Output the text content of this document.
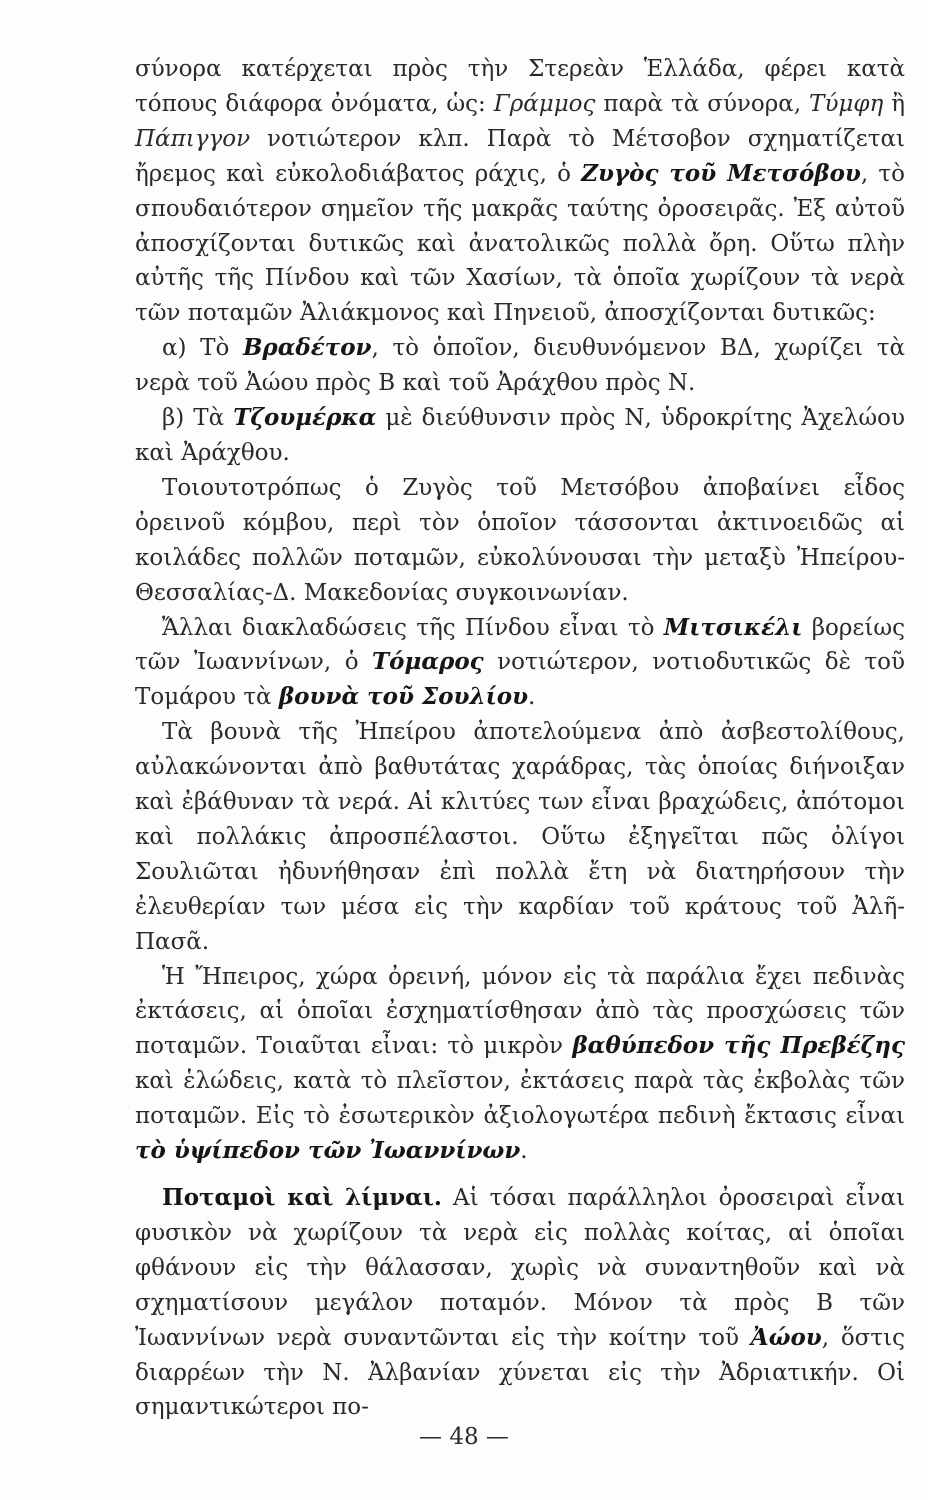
σύνορα κατέρχεται πρὸς τὴν Στερεὰν Ἑλλάδα, φέρει κατὰ τόπους διάφορα ὀνόματα, ὡς: Γράμμος παρὰ τὰ σύνορα, Τύμφη ἢ Πάπιγγον νοτιώτερον κλπ. Παρὰ τὸ Μέτσοβον σχηματίζεται ἤρεμος καὶ εὐκολοδιάβατος ράχις, ὁ Ζυγὸς τοῦ Μετσόβου, τὸ σπουδαιότερον σημεῖον τῆς μακρᾶς ταύτης ὀροσειρᾶς. Ἐξ αὐτοῦ ἀποσχίζονται δυτικῶς καὶ ἀνατολικῶς πολλὰ ὄρη. Οὕτω πλὴν αὐτῆς τῆς Πίνδου καὶ τῶν Χασίων, τὰ ὁποῖα χωρίζουν τὰ νερὰ τῶν ποταμῶν Ἀλιάκμονος καὶ Πηνειοῦ, ἀποσχίζονται δυτικῶς:

α) Τὸ Βραδέτον, τὸ ὁποῖον, διευθυνόμενον ΒΔ, χωρίζει τὰ νερὰ τοῦ Ἀώου πρὸς Β καὶ τοῦ Ἀράχθου πρὸς Ν.

β) Τὰ Τζουμέρκα μὲ διεύθυνσιν πρὸς Ν, ὑδροκρίτης Ἀχελώου καὶ Ἀράχθου.

Τοιουτοτρόπως ὁ Ζυγὸς τοῦ Μετσόβου ἀποβαίνει εἶδος ὀρεινοῦ κόμβου, περὶ τὸν ὁποῖον τάσσονται ἀκτινοειδῶς αἱ κοιλάδες πολλῶν ποταμῶν, εὐκολύνουσαι τὴν μεταξὺ Ἠπείρου-Θεσσαλίας-Δ. Μακεδονίας συγκοινωνίαν.

Ἄλλαι διακλαδώσεις τῆς Πίνδου εἶναι τὸ Μιτσικέλι βορείως τῶν Ἰωαννίνων, ὁ Τόμαρος νοτιώτερον, νοτιοδυτικῶς δὲ τοῦ Τομάρου τὰ βουνὰ τοῦ Σουλίου.

Τὰ βουνὰ τῆς Ἠπείρου ἀποτελούμενα ἀπὸ ἀσβεστολίθους, αὐλακώνονται ἀπὸ βαθυτάτας χαράδρας, τὰς ὁποίας διήνοιξαν καὶ ἐβάθυναν τὰ νερά. Αἱ κλιτύες των εἶναι βραχώδεις, ἀπότομοι καὶ πολλάκις ἀπροσπέλαστοι. Οὕτω ἐξηγεῖται πῶς ὀλίγοι Σουλιῶται ἠδυνήθησαν ἐπὶ πολλὰ ἔτη νὰ διατηρήσουν τὴν ἐλευθερίαν των μέσα εἰς τὴν καρδίαν τοῦ κράτους τοῦ Ἀλῆ-Πασᾶ.

Ἡ Ἤπειρος, χώρα ὀρεινή, μόνον εἰς τὰ παράλια ἔχει πεδινὰς ἐκτάσεις, αἱ ὁποῖαι ἐσχηματίσθησαν ἀπὸ τὰς προσχώσεις τῶν ποταμῶν. Τοιαῦται εἶναι: τὸ μικρὸν βαθύπεδον τῆς Πρεβέζης καὶ ἑλώδεις, κατὰ τὸ πλεῖστον, ἐκτάσεις παρὰ τὰς ἐκβολὰς τῶν ποταμῶν. Εἰς τὸ ἐσωτερικὸν ἀξιολογωτέρα πεδινὴ ἔκτασις εἶναι τὸ ὑψίπεδον τῶν Ἰωαννίνων.

Ποταμοὶ καὶ λίμναι. Αἱ τόσαι παράλληλοι ὀροσειραὶ εἶναι φυσικὸν νὰ χωρίζουν τὰ νερὰ εἰς πολλὰς κοίτας, αἱ ὁποῖαι φθάνουν εἰς τὴν θάλασσαν, χωρὶς νὰ συναντηθοῦν καὶ νὰ σχηματίσουν μεγάλον ποταμόν. Μόνον τὰ πρὸς Β τῶν Ἰωαννίνων νερὰ συναντῶνται εἰς τὴν κοίτην τοῦ Ἀώου, ὅστις διαρρέων τὴν Ν. Ἀλβανίαν χύνεται εἰς τὴν Ἀδριατικήν. Οἱ σημαντικώτεροι πο-

— 48 —
